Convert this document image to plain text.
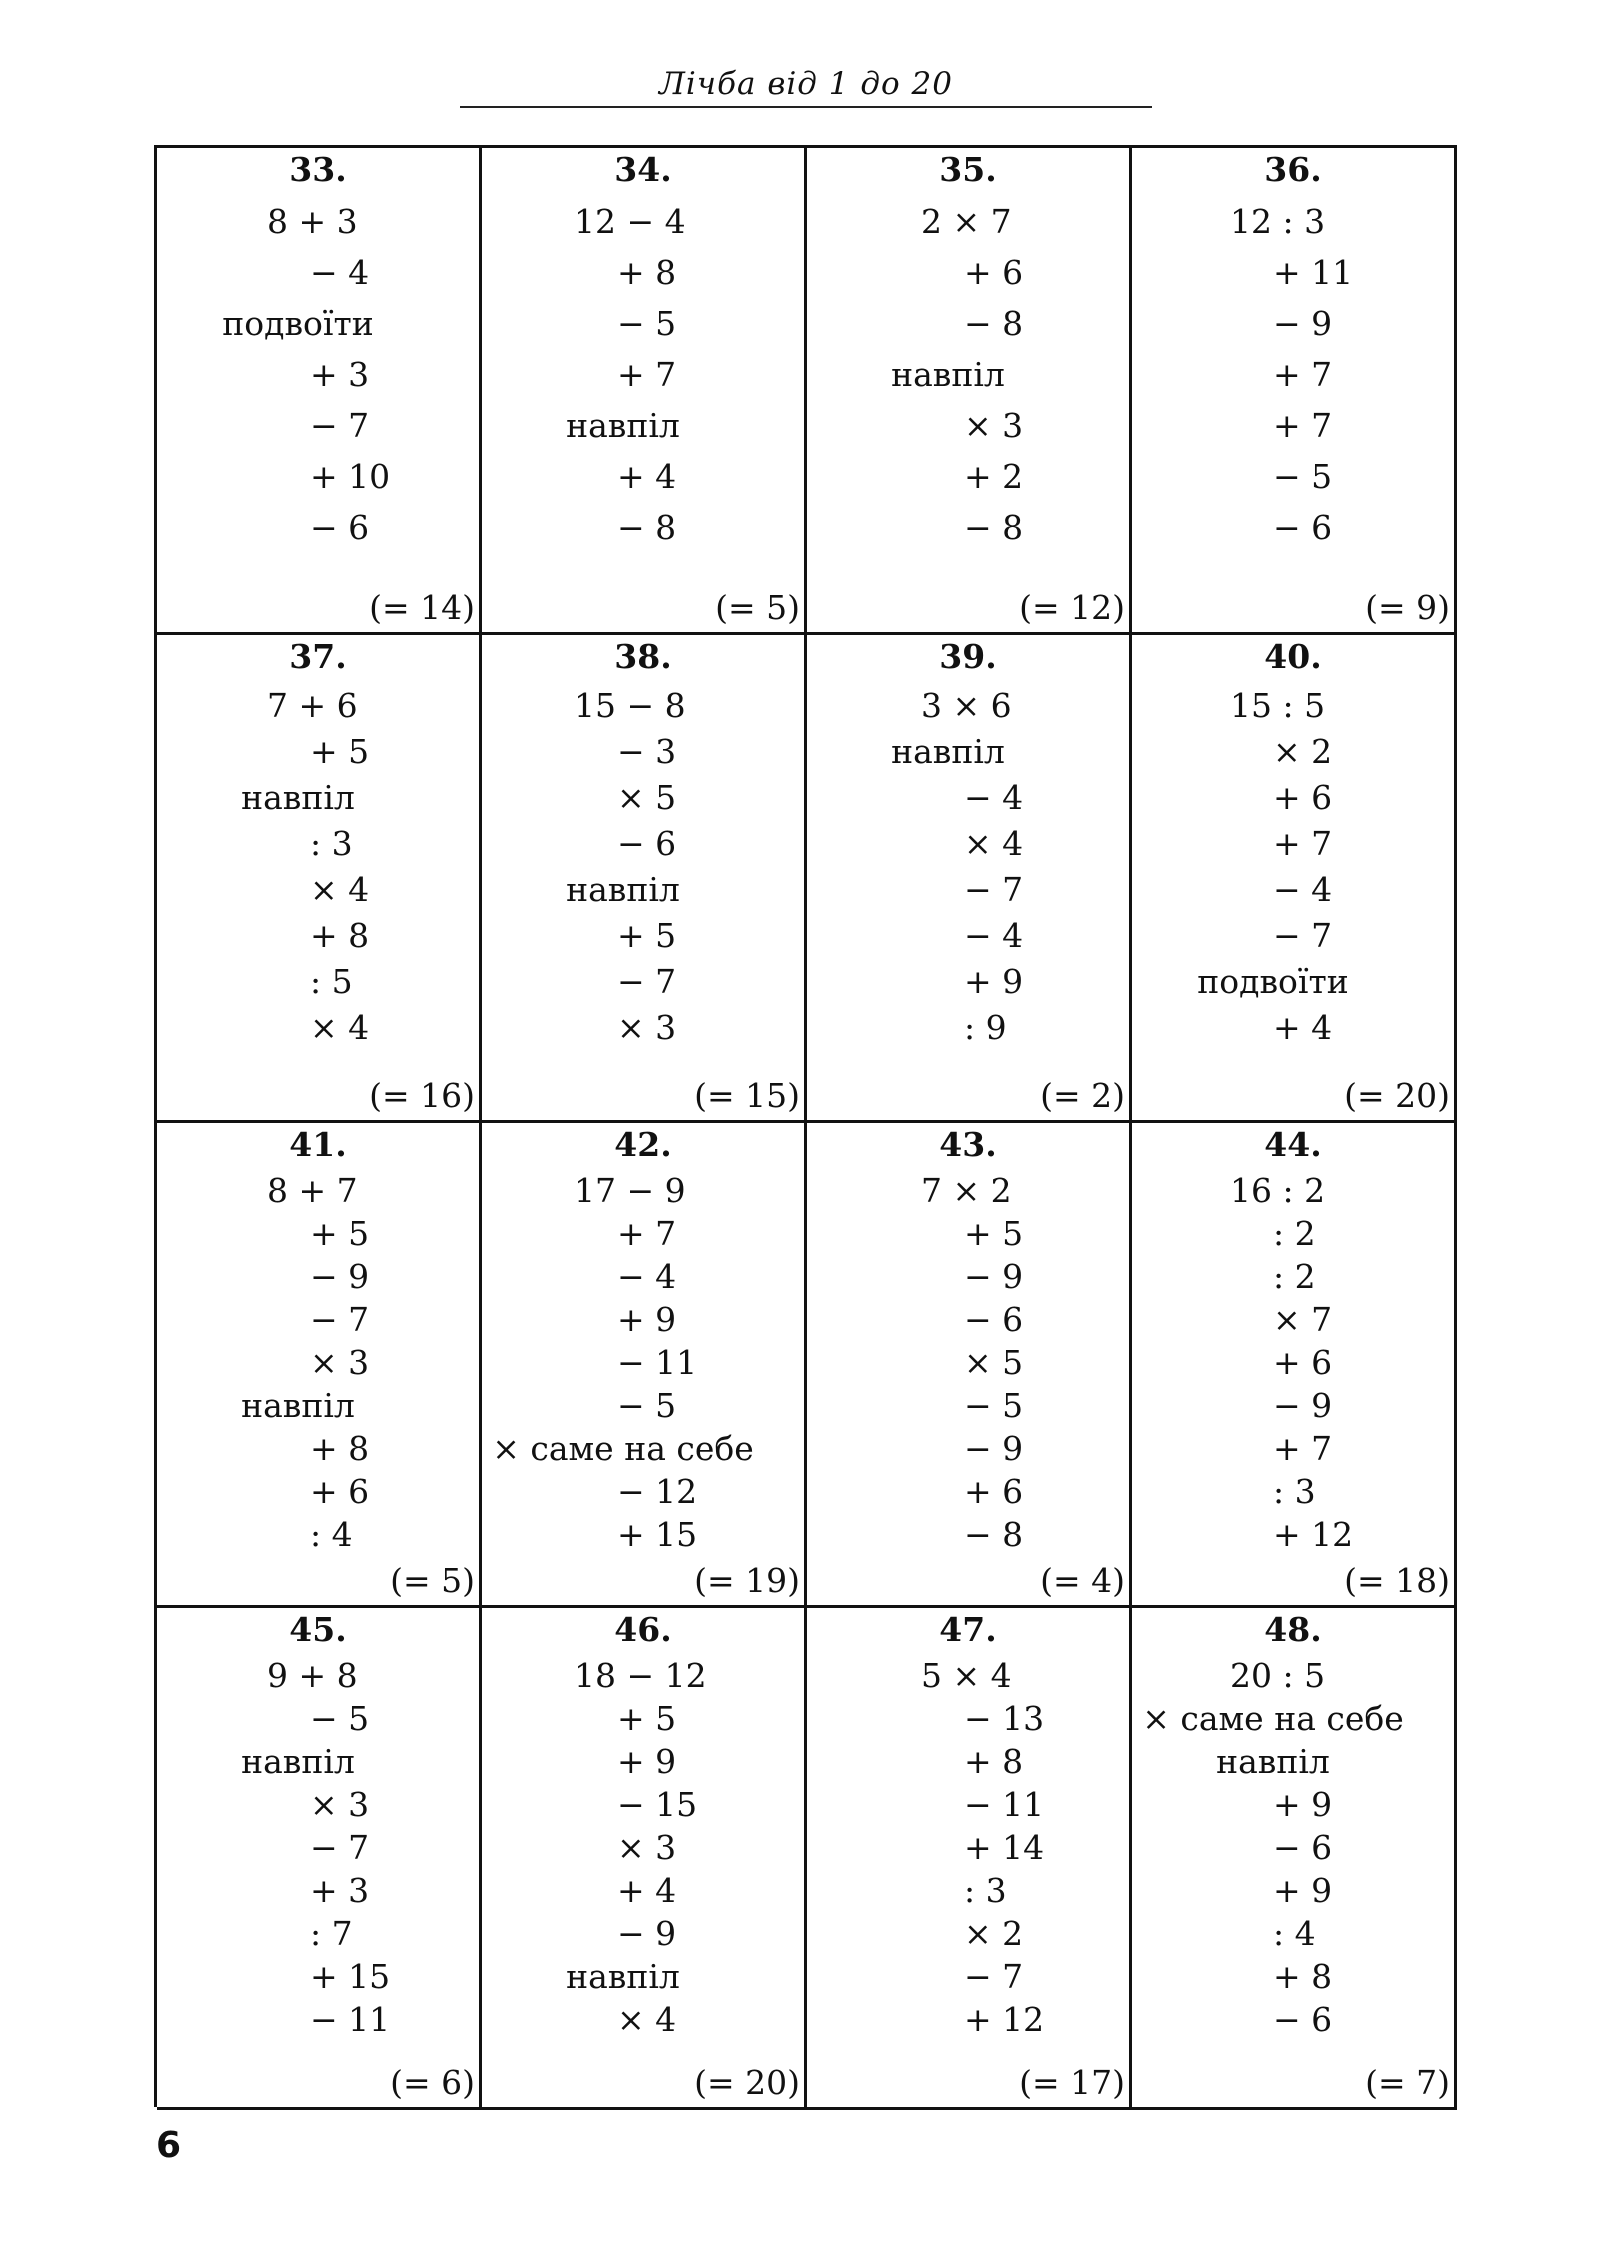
Лічба від 1 до 20
33.
8 + 3
− 4
подвоїти
+ 3
− 7
+ 10
− 6
(= 14)
34.
12 − 4
+ 8
− 5
+ 7
навпіл
+ 4
− 8
(= 5)
35.
2 × 7
+ 6
− 8
навпіл
× 3
+ 2
− 8
(= 12)
36.
12 : 3
+ 11
− 9
+ 7
+ 7
− 5
− 6
(= 9)
37.
7 + 6
+ 5
навпіл
: 3
× 4
+ 8
: 5
× 4
(= 16)
38.
15 − 8
− 3
× 5
− 6
навпіл
+ 5
− 7
× 3
(= 15)
39.
3 × 6
навпіл
− 4
× 4
− 7
− 4
+ 9
: 9
(= 2)
40.
15 : 5
× 2
+ 6
+ 7
− 4
− 7
подвоїти
+ 4
(= 20)
41.
8 + 7
+ 5
− 9
− 7
× 3
навпіл
+ 8
+ 6
: 4
(= 5)
42.
17 − 9
+ 7
− 4
+ 9
− 11
− 5
× саме на себе
− 12
+ 15
(= 19)
43.
7 × 2
+ 5
− 9
− 6
× 5
− 5
− 9
+ 6
− 8
(= 4)
44.
16 : 2
: 2
: 2
× 7
+ 6
− 9
+ 7
: 3
+ 12
(= 18)
45.
9 + 8
− 5
навпіл
× 3
− 7
+ 3
: 7
+ 15
− 11
(= 6)
46.
18 − 12
+ 5
+ 9
− 15
× 3
+ 4
− 9
навпіл
× 4
(= 20)
47.
5 × 4
− 13
+ 8
− 11
+ 14
: 3
× 2
− 7
+ 12
(= 17)
48.
20 : 5
× саме на себе
навпіл
+ 9
− 6
+ 9
: 4
+ 8
− 6
(= 7)
6
